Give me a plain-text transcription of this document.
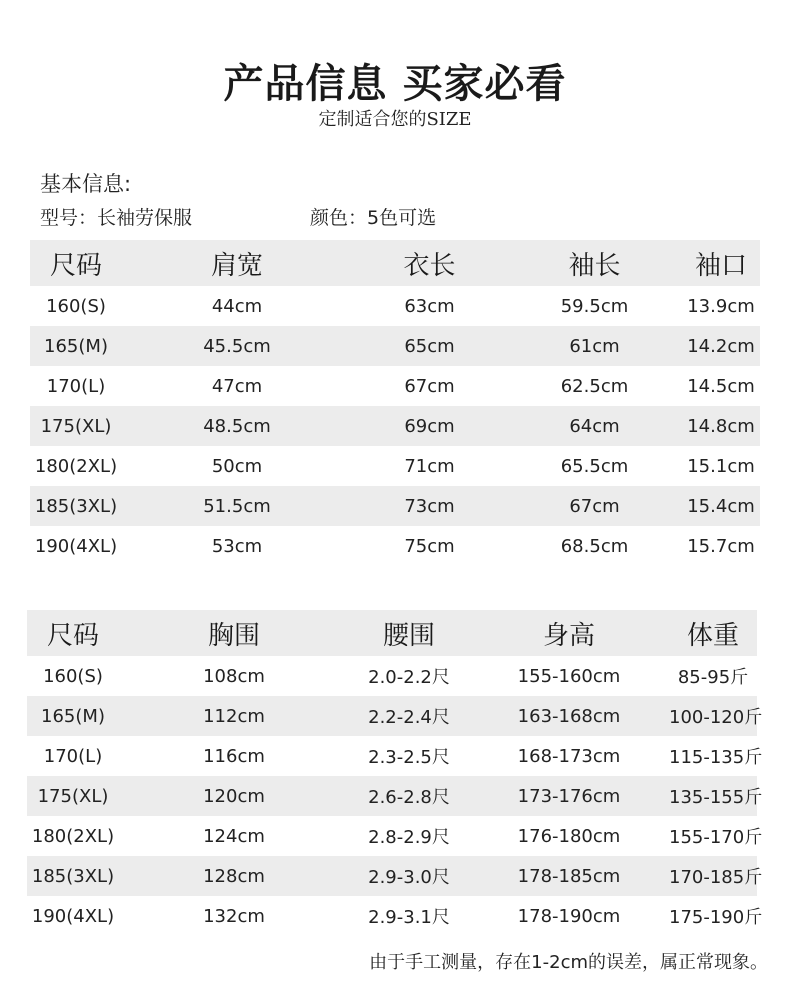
产品信息 买家必看
定制适合您的SIZE
基本信息:
型号：长袖劳保服	颜色：5色可选
尺码	肩宽	衣长	袖长	袖口
160(S)	44cm	63cm	59.5cm	13.9cm
165(M)	45.5cm	65cm	61cm	14.2cm
170(L)	47cm	67cm	62.5cm	14.5cm
175(XL)	48.5cm	69cm	64cm	14.8cm
180(2XL)	50cm	71cm	65.5cm	15.1cm
185(3XL)	51.5cm	73cm	67cm	15.4cm
190(4XL)	53cm	75cm	68.5cm	15.7cm
尺码	胸围	腰围	身高	体重
160(S)	108cm	2.0-2.2尺	155-160cm	85-95斤
165(M)	112cm	2.2-2.4尺	163-168cm	100-120斤
170(L)	116cm	2.3-2.5尺	168-173cm	115-135斤
175(XL)	120cm	2.6-2.8尺	173-176cm	135-155斤
180(2XL)	124cm	2.8-2.9尺	176-180cm	155-170斤
185(3XL)	128cm	2.9-3.0尺	178-185cm	170-185斤
190(4XL)	132cm	2.9-3.1尺	178-190cm	175-190斤
由于手工测量，存在1-2cm的误差，属正常现象。
